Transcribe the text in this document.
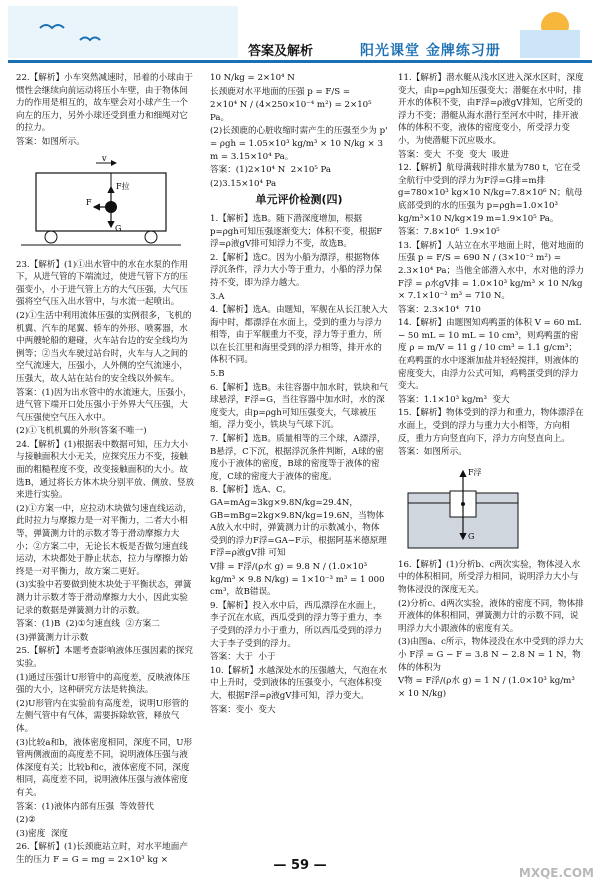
答案及解析	阳光课堂 金牌练习册

22.【解析】小车突然减速时，吊着的小球由于惯性会继续向前运动将压小车壁，由于物体间力的作用是相互的，故车壁会对小球产生一个向左的压力，另外小球还受到重力和细绳对它的拉力。

答案：如图所示。

v
F
G
F拉

23.【解析】(1)①出水管中的水在水泵的作用下，从进气管的下端流过，使进气管下方的压强变小，小于进气管上方的大气压强，大气压强将空气压入出水管中，与水流一起喷出。

(2)①生活中利用流体压强的实例很多，飞机的机翼、汽车的尾翼、轿车的外形、喷雾器，水中两艘轮船的避碰，火车站台边的安全线均为例等；②当火车驶过站台时，火车与人之间的空气流速大，压强小，人外侧的空气流速小，压强大，故人站在站台的安全线以外候车。

答案：(1)因为出水管中的水流速大，压强小，进气管下端开口处压强小于外界大气压强，大气压强使空气压入水中。

(2)①飞机机翼的外形(答案不唯一)

24.【解析】(1)根据表中数据可知，压力大小与接触面积大小无关，应探究压力不变，接触面的粗糙程度不变，改变接触面积的大小。故选B，通过将长方体木块分别平放、侧放、竖放来进行实验。

(2)①方案一中，应拉动木块做匀速直线运动，此时拉力与摩擦力是一对平衡力，二者大小相等，弹簧测力计的示数才等于滑动摩擦力大小；②方案二中，无论长木板是否做匀速直线运动，木块都处于静止状态，拉力与摩擦力始终是一对平衡力，故方案二更好。

(3)实验中若要做到使木块处于平衡状态，弹簧测力计示数才等于滑动摩擦力大小，因此实验记录的数据是弹簧测力计的示数。

答案：(1)B  (2)①匀速直线  ②方案二

(3)弹簧测力计示数

25.【解析】本题考查影响液体压强因素的探究实验。

(1)通过压强计U形管中的高度差，反映液体压强的大小，这种研究方法是转换法。

(2)U形管内在实验前有高度差，说明U形管的左侧气管中有气体，需要拆除软管，释放气体。

(3)比较a和b，液体密度相同，深度不同，U形管两侧液面的高度差不同，说明液体压强与液体深度有关；比较b和c，液体密度不同，深度相同，高度差不同，说明液体压强与液体密度有关。

答案：(1)液体内部有压强  等效替代

(2)②

(3)密度  深度

26.【解析】(1)长颈鹿站立时，对水平地面产生的压力 F = G = mg = 2×10³ kg ×

10 N/kg = 2×10⁴ N

长颈鹿对水平地面的压强 p = F/S =

2×10⁴ N / (4×250×10⁻⁴ m²) = 2×10⁵ Pa。

(2)长颈鹿的心脏收缩时需产生的压强至少为 p' = ρgh = 1.05×10³ kg/m³ × 10 N/kg × 3 m = 3.15×10⁴ Pa。

答案：(1)2×10⁴ N  2×10⁵ Pa

(2)3.15×10⁴ Pa

单元评价检测(四)

1.【解析】选B。随下潜深度增加，根据p=ρgh可知压强逐渐变大；体积不变，根据F浮=ρ液gV排可知浮力不变，故选B。

2.【解析】选C。因为小船为漂浮，根据物体浮沉条件，浮力大小等于重力，小船的浮力保持不变，即为浮力越大。

3.A

4.【解析】选A。由题知，军舰在从长江驶入大海中时，都漂浮在水面上，受到的重力与浮力相等，由于军舰重力不变，浮力等于重力，所以在长江里和海里受到的浮力相等，排开水的体积不同。

5.B

6.【解析】选B。未往容器中加水时，铁块和气球悬浮，F浮=G，当往容器中加水时，水的深度变大，由p=ρgh可知压强变大，气球被压缩，浮力变小，铁块与气球下沉。

7.【解析】选B。质量相等的三个球，A漂浮，B悬浮，C下沉，根据浮沉条件判断，A球的密度小于液体的密度，B球的密度等于液体的密度，C球的密度大于液体的密度。

8.【解析】选A、C。GA=mAg=3kg×9.8N/kg=29.4N，GB=mBg=2kg×9.8N/kg=19.6N，当物体A放入水中时，弹簧测力计的示数减小，物体受到的浮力F浮=GA−F示，根据阿基米德原理 F浮=ρ液gV排 可知

V排 = F浮/(ρ水 g) = 9.8 N / (1.0×10³ kg/m³ × 9.8 N/kg) = 1×10⁻³ m³ = 1 000 cm³，故B错误。

9.【解析】投入水中后，西瓜漂浮在水面上，李子沉在水底，西瓜受到的浮力等于重力，李子受到的浮力小于重力，所以西瓜受到的浮力大于李子受到的浮力。

答案：大于  小于

10.【解析】水越深处水的压强越大，气泡在水中上升时，受到液体的压强变小，气泡体积变大，根据F浮=ρ液gV排可知，浮力变大。

答案：变小  变大

11.【解析】潜水艇从浅水区进入深水区时，深度变大，由p=ρgh知压强变大；潜艇在水中时，排开水的体积不变，由F浮=ρ液gV排知，它所受的浮力不变；潜艇从海水潜行至河水中时，排开液体的体积不变，液体的密度变小，所受浮力变小，为使潜艇下沉应吸水。

答案：变大  不变  变大  吸进

12.【解析】航母满载时排水量为780 t，它在受全航行中受到的浮力为F浮=G排=m排g=780×10³ kg×10 N/kg=7.8×10⁶ N；航母底部受到的水的压强为 p=ρgh=1.0×10³ kg/m³×10 N/kg×19 m=1.9×10⁵ Pa。

答案：7.8×10⁶  1.9×10⁵

13.【解析】人站立在水平地面上时，他对地面的压强 p = F/S = 690 N / (3×10⁻² m²) = 2.3×10⁴ Pa；当他全部潜入水中，水对他的浮力 F浮 = ρ水gV排 = 1.0×10³ kg/m³ × 10 N/kg × 7.1×10⁻² m³ = 710 N。

答案：2.3×10⁴  710

14.【解析】由题图知鸡鸭蛋的体积 V = 60 mL − 50 mL = 10 mL = 10 cm³，则鸡鸭蛋的密度 ρ = m/V = 11 g / 10 cm³ = 1.1 g/cm³；在鸡鸭蛋的水中逐渐加盐并轻轻搅拌，则液体的密度变大，由浮力公式可知，鸡鸭蛋受到的浮力变大。

答案：1.1×10³ kg/m³  变大

15.【解析】物体受到的浮力和重力，物体漂浮在水面上，受到的浮力与重力大小相等，方向相反，重力方向竖直向下，浮力方向竖直向上。

答案：如图所示。

F浮
G

16.【解析】(1)分析b、c两次实验，物体浸入水中的体积相同，所受浮力相同，说明浮力大小与物体浸没的深度无关。

(2)分析c、d两次实验，液体的密度不同，物体排开液体的体积相同，弹簧测力计的示数不同，说明浮力大小跟液体的密度有关。

(3)由图a、c所示，物体浸没在水中受到的浮力大小 F浮 = G − F = 3.8 N − 2.8 N = 1 N，物体的体积为

V物 = F浮/(ρ水 g) = 1 N / (1.0×10³ kg/m³ × 10 N/kg)

— 59 —	MXQE.COM
